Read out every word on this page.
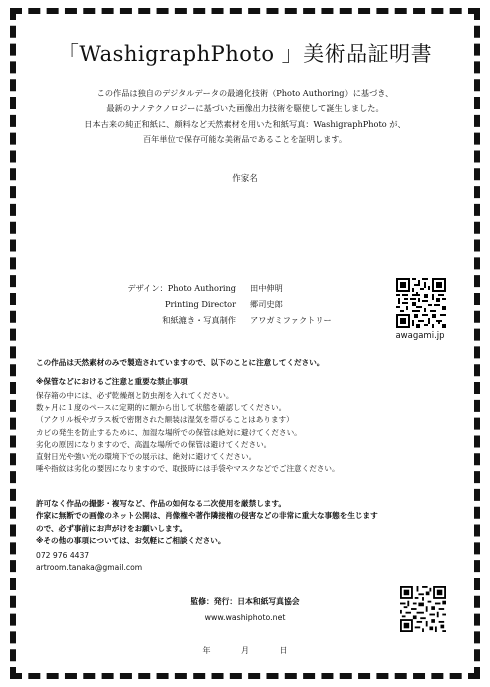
「WashigraphPhoto 」美術品証明書
この作品は独自のデジタルデータの最適化技術（Photo Authoring）に基づき、
最新のナノテクノロジーに基づいた画像出力技術を駆使して誕生しました。
日本古来の純正和紙に、顔料など天然素材を用いた和紙写真：WashigraphPhoto が、
百年単位で保存可能な美術品であることを証明します。
作家名
デザイン：Photo Authoring 田中伸明
Printing Director 郷司史郎
和紙漉き・写真制作 アワガミファクトリー
awagami.jp
この作品は天然素材のみで製造されていますので、以下のことに注意してください。
※保管などにおけるご注意と重要な禁止事項
保存箱の中には、必ず乾燥剤と防虫剤を入れてください。
数ヶ月に１度のペースに定期的に額から出して状態を確認してください。
（アクリル板やガラス板で密閉された額装は湿気を帯びることはあります）
カビの発生を防止するために、加湿な場所での保管は絶対に避けてください。
劣化の原因になりますので、高温な場所での保管は避けてください。
直射日光や強い光の環境下での展示は、絶対に避けてください。
唾や指紋は劣化の要因になりますので、取扱時には手袋やマスクなどでご注意ください。
許可なく作品の撮影・複写など、作品の如何なる二次使用を厳禁します。
作家に無断での画像のネット公開は、肖像権や著作隣接権の侵害などの非常に重大な事態を生じます
ので、必ず事前にお声がけをお願いします。
※その他の事項については、お気軽にご相談ください。
072 976 4437
artroom.tanaka@gmail.com
監修：発行：日本和紙写真協会
www.washiphoto.net
年	月	日
